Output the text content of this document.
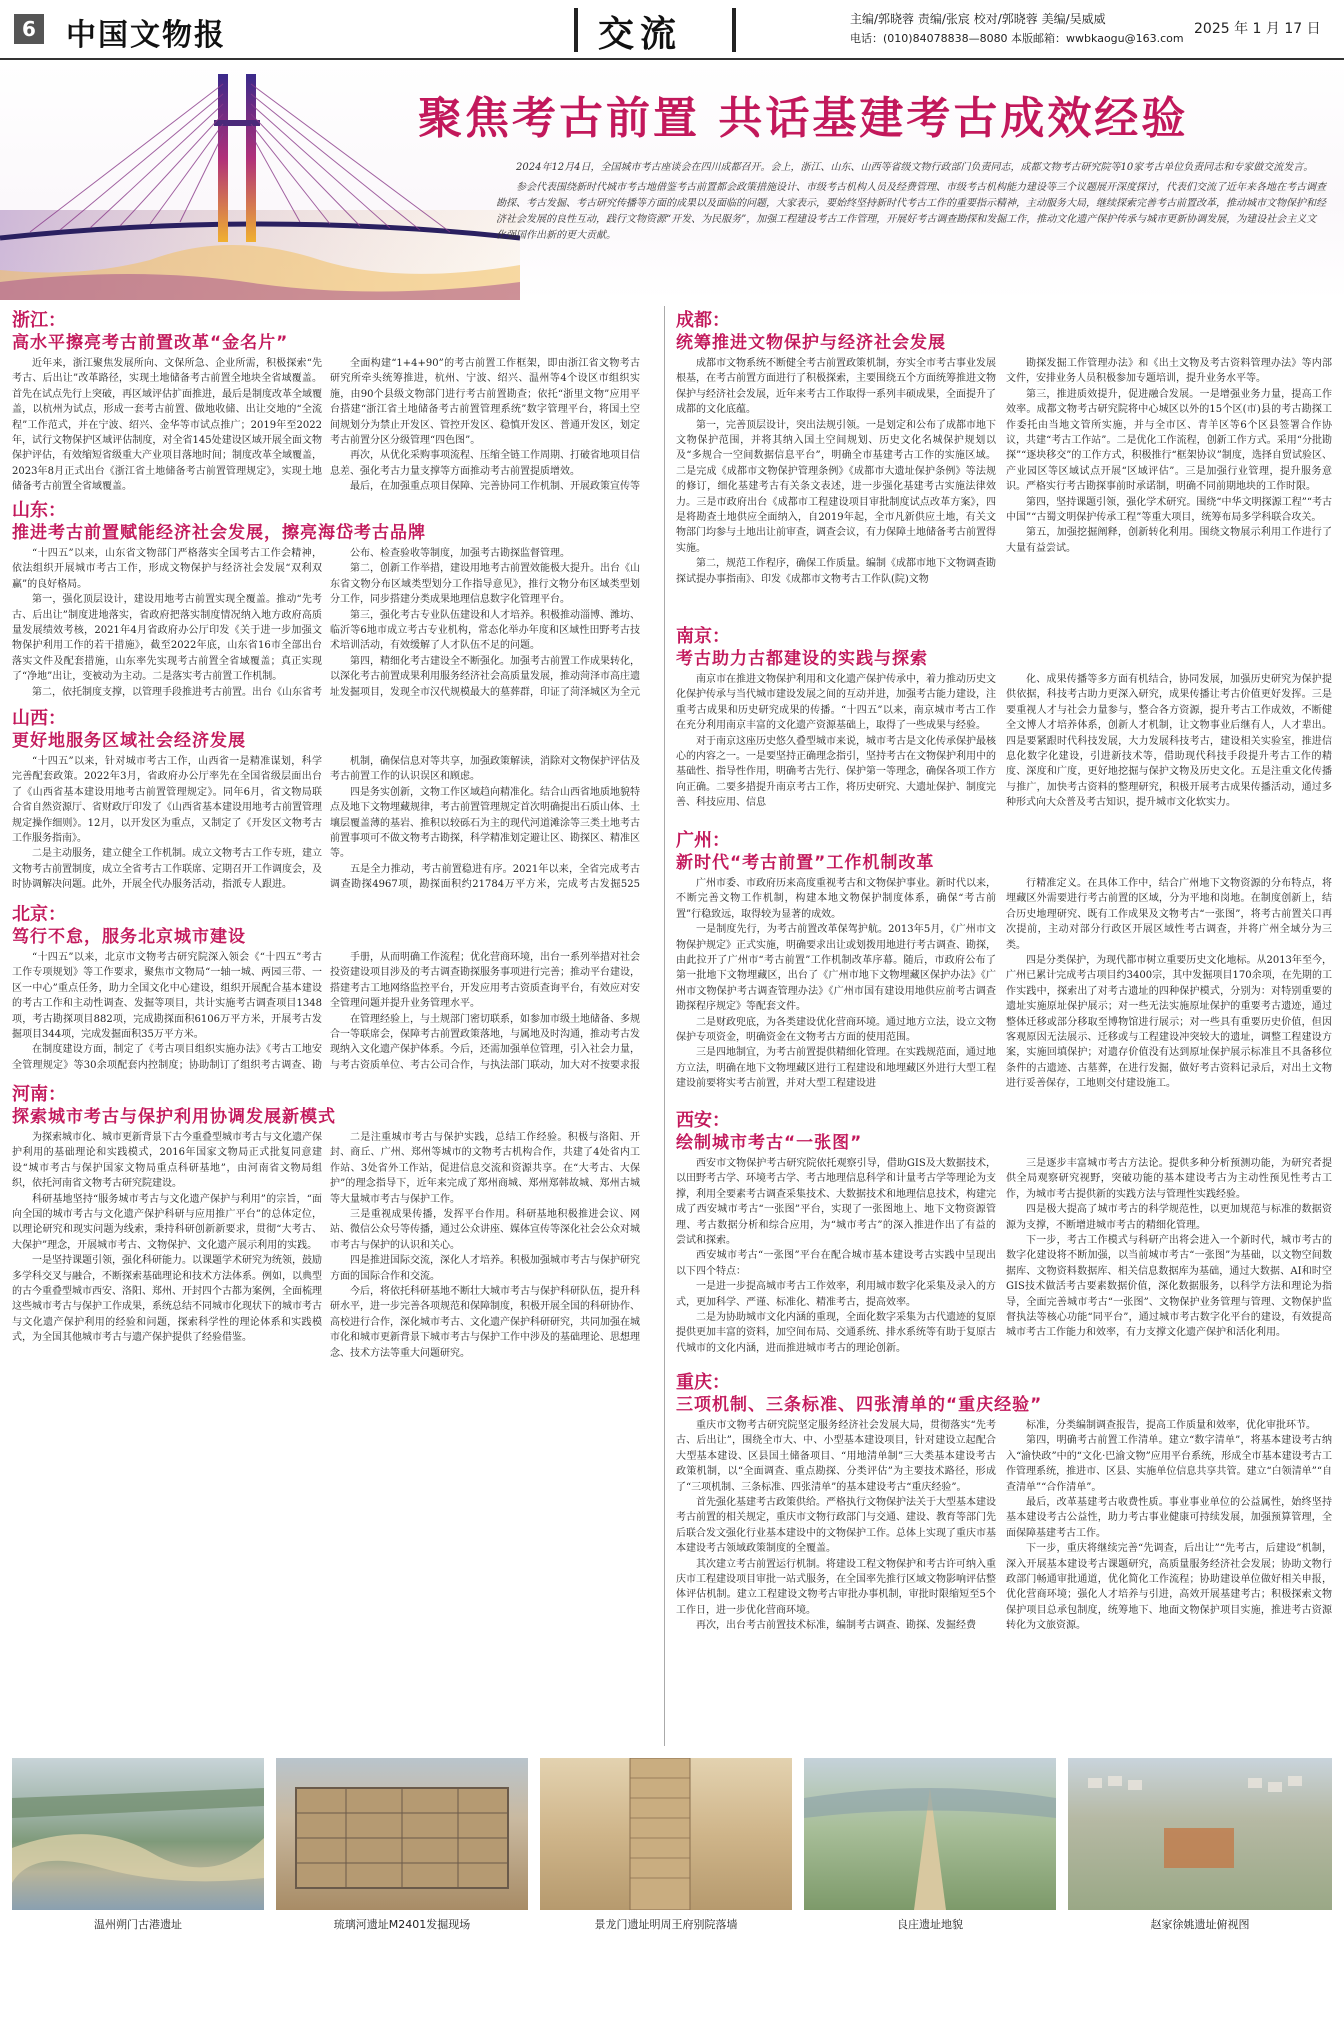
6 中国文物报	交流	主编/郭晓蓉 责编/张宸 校对/郭晓蓉 美编/吴威威
电话：(010)84078838—8080 本版邮箱：wwbkaogu@163.com
2025 年 1 月 17 日
聚焦考古前置 共话基建考古成效经验
2024年12月4日，全国城市考古座谈会在四川成都召开。会上，浙江、山东、山西等省级文物行政部门负责同志，成都文物考古研究院等10家考古单位负责同志和专家做交流发言。
参会代表围绕新时代城市考古地借鉴考古前置都会政策措施设计、市级考古机构人员及经费管理、市级考古机构能力建设等三个议题展开深度探讨，代表们交流了近年来各地在考古调查勘探、考古发掘、考古研究传播等方面的成果以及面临的问题，大家表示，要始终坚持新时代考古工作的重要指示精神，主动服务大局，继续探索完善考古前置改革，推动城市文物保护和经济社会发展的良性互动，践行文物资源“开发、为民服务”，加强工程建设考古工作管理，开展好考古调查勘探和发掘工作，推动文化遗产保护传承与城市更新协调发展，为建设社会主义文化强国作出新的更大贡献。
浙江：
高水平擦亮考古前置改革“金名片”

近年来，浙江聚焦发展所向、文保所急、企业所需，积极探索“先考古、后出让”改革路径，实现土地储备考古前置全地块全省域覆盖。首先在试点先行上突破，再区域评估扩面推进，最后是制度改革全域覆盖，以杭州为试点，形成一套考古前置、做地收储、出让交地的“全流程”工作范式，并在宁波、绍兴、金华等市试点推广；2019年至2022年，试行文物保护区域评估制度，对全省145处建设区域开展全面文物保护评估，有效缩短省级重大产业项目落地时间；制度改革全域覆盖，2023年8月正式出台《浙江省土地储备考古前置管理规定》，实现土地储备考古前置全省域覆盖。

全面构建“1+4+90”的考古前置工作框架，即由浙江省文物考古研究所牵头统筹推进，杭州、宁波、绍兴、温州等4个设区市组织实施，由90个县级文物部门进行考古前置勘查；依托“浙里文物”应用平台搭建“浙江省土地储备考古前置管理系统”数字管理平台，将国土空间规划分为禁止开发区、管控开发区、稳慎开发区、普通开发区，划定考古前置分区分级管理“四色图”。

再次，从优化采购事项流程、压缩全链工作周期、打破省地项目信息差、强化考古力量支撑等方面推动考古前置提质增效。

最后，在加强重点项目保障、完善协同工作机制、开展政策宣传等

山东：
推进考古前置赋能经济社会发展，擦亮海岱考古品牌

“十四五”以来，山东省文物部门严格落实全国考古工作会精神，依法组织开展城市考古工作，形成文物保护与经济社会发展“双利双赢”的良好格局。

第一，强化顶层设计，建设用地考古前置实现全覆盖。推动“先考古、后出让”制度进地落实，省政府把落实制度情况纳入地方政府高质量发展绩效考核，2021年4月省政府办公厅印发《关于进一步加强文物保护利用工作的若干措施》，截至2022年底，山东省16市全部出台落实文件及配套措施，山东率先实现考古前置全省域覆盖；真正实现了“净地”出让，变被动为主动。二是落实考古前置工作机制。

第二，依托制度支撑，以管理手段推进考古前置。出台《山东省考

公布、检查验收等制度，加强考古勘探监督管理。

第二，创新工作举措，建设用地考古前置效能极大提升。出台《山东省文物分布区域类型划分工作指导意见》，推行文物分布区域类型划分工作，同步搭建分类成果地理信息数字化管理平台。

第三，强化考古专业队伍建设和人才培养。积极推动淄博、潍坊、临沂等6地市成立考古专业机构，常态化举办年度和区域性田野考古技术培训活动，有效缓解了人才队伍不足的问题。

第四，精细化考古建设全不断强化。加强考古前置工作成果转化，以深化考古前置成果利用服务经济社会高质量发展，推动菏泽市高庄遗址发掘项目，发现全市汉代规模最大的墓葬群，印证了菏泽城区为全元

山西：
更好地服务区域社会经济发展

“十四五”以来，针对城市考古工作，山西省一是精准谋划，科学完善配套政策。2022年3月，省政府办公厅率先在全国省级层面出台了《山西省基本建设用地考古前置管理规定》。同年6月，省文物局联合省自然资源厅、省财政厅印发了《山西省基本建设用地考古前置管理规定操作细则》。12月，以开发区为重点，又制定了《开发区文物考古工作服务指南》。

二是主动服务，建立健全工作机制。成立文物考古工作专班，建立文物考古前置制度，成立全省考古工作联席、定期召开工作调度会，及时协调解决问题。此外，开展全代办服务活动，指派专人跟进。

机制，确保信息对等共享，加强政策解读，消除对文物保护评估及考古前置工作的认识误区和顾虑。

四是务实创新，文物工作区域趋向精准化。结合山西省地质地貌特点及地下文物埋藏规律，考古前置管理规定首次明确提出石质山体、土壤层覆盖薄的基岩、推积以较砾石为主的现代河道滩涂等三类土地考古前置事项可不做文物考古勘探，科学精准划定避让区、勘探区、精准区等。

五是全力推动，考古前置稳进有序。2021年以来，全省完成考古调查勘探4967项，勘探面积约21784万平方米，完成考古发掘525

北京：
笃行不怠，服务北京城市建设

“十四五”以来，北京市文物考古研究院深入领会《“十四五”考古工作专项规划》等工作要求，聚焦市文物局“一轴一城、两园三带、一区一中心”重点任务，助力全国文化中心建设，组织开展配合基本建设的考古工作和主动性调查、发掘等项目，共计实施考古调查项目1348项，考古勘探项目882项，完成勘探面积6106万平方米，开展考古发掘项目344项，完成发掘面积35万平方米。

在制度建设方面，制定了《考古项目组织实施办法》《考古工地安全管理规定》等30余项配套内控制度；协助制订了组织考古调查、勘

手册，从而明确工作流程；优化营商环境，出台一系列举措对社会投资建设项目涉及的考古调查勘探服务事项进行完善；推动平台建设，搭建考古工地网络监控平台，开发应用考古资质查询平台，有效应对安全管理问题并提升业务管理水平。

在管理经验上，与土规部门密切联系，如参加市级土地储备、多规合一等联席会，保障考古前置政策落地，与属地及时沟通，推动考古发现纳入文化遗产保护体系。今后，还需加强单位管理，引入社会力量，与考古资质单位、考古公司合作，与执法部门联动，加大对不按要求报

河南：
探索城市考古与保护利用协调发展新模式

为探索城市化、城市更新背景下古今重叠型城市考古与文化遗产保护利用的基础理论和实践模式，2016年国家文物局正式批复同意建设“城市考古与保护国家文物局重点科研基地”，由河南省文物局组织，依托河南省文物考古研究院建设。

科研基地坚持“服务城市考古与文化遗产保护与利用”的宗旨，“面向全国的城市考古与文化遗产保护科研与应用推广平台”的总体定位，以理论研究和现实问题为线索，秉持科研创新新要求，贯彻“大考古、大保护”理念，开展城市考古、文物保护、文化遗产展示利用的实践。

一是坚持课题引领，强化科研能力。以课题学术研究为统领，鼓励多学科交叉与融合，不断探索基础理论和技术方法体系。例如，以典型的古今重叠型城市西安、洛阳、郑州、开封四个古都为案例，全面梳理这些城市考古与保护工作成果，系统总结不同城市化现状下的城市考古与文化遗产保护利用的经验和问题，探索科学性的理论体系和实践模式，为全国其他城市考古与遗产保护提供了经验借鉴。

二是注重城市考古与保护实践，总结工作经验。积极与洛阳、开封、商丘、广州、郑州等城市的文物考古机构合作，共建了4处省内工作站、3处省外工作站，促进信息交流和资源共享。在“大考古、大保护”的理念指导下，近年来完成了郑州商城、郑州郑韩故城、郑州古城等大量城市考古与保护工作。

三是重视成果传播，发挥平台作用。科研基地积极推进会议、网站、微信公众号等传播，通过公众讲座、媒体宣传等深化社会公众对城市考古与保护的认识和关心。

四是推进国际交流，深化人才培养。积极加强城市考古与保护研究方面的国际合作和交流。

今后，将依托科研基地不断壮大城市考古与保护科研队伍，提升科研水平，进一步完善各项规范和保障制度，积极开展全国的科研协作、高校进行合作，深化城市考古、文化遗产保护科研研究，共同加强在城市化和城市更新背景下城市考古与保护工作中涉及的基础理论、思想理念、技术方法等重大问题研究。

成都：
统筹推进文物保护与经济社会发展

成都市文物系统不断健全考古前置政策机制，夯实全市考古事业发展根基，在考古前置方面进行了积极探索，主要围绕五个方面统筹推进文物保护与经济社会发展，近年来考古工作取得一系列丰硕成果，全面提升了成都的文化底蕴。

第一，完善顶层设计，突出法规引领。一是划定和公布了成都市地下文物保护范围，并将其纳入国土空间规划、历史文化名城保护规划以及“多规合一空间数据信息平台”，明确全市基建考古工作的实施区域。二是完成《成都市文物保护管理条例》《成都市大遗址保护条例》等法规的修订，细化基建考古有关条文表述，进一步强化基建考古实施法律效力。三是市政府出台《成都市工程建设项目审批制度试点改革方案》，四是将勘查土地供应全面纳入，自2019年起，全市凡新供应土地，有关文物部门均参与土地出让前审查，调查会议，有力保障土地储备考古前置得实施。

第二，规范工作程序，确保工作质量。编制《成都市地下文物调查勘探试提办事指南》、印发《成都市文物考古工作队(院)文物

勘探发掘工作管理办法》和《出土文物及考古资料管理办法》等内部文件，安排业务人员积极参加专题培训，提升业务水平等。

第三，推进质效提升，促进融合发展。一是增强业务力量，提高工作效率。成都文物考古研究院将中心城区以外的15个区(市)县的考古勘探工作委托由当地文管所实施，并与全市区、青羊区等6个区县签署合作协议，共建“考古工作站”。二是优化工作流程，创新工作方式。采用“分批勘探”“逐块移交”的工作方式，积极推行“框架协议”制度，选择自贸试验区、产业园区等区域试点开展“区域评估”。三是加强行业管理，提升服务意识。严格实行考古勘探事前时承诺制，明确不同前期地块的工作时限。

第四，坚持课题引领，强化学术研究。围绕“中华文明探源工程”“考古中国”“古蜀文明保护传承工程”等重大项目，统筹布局多学科联合攻关。

第五，加强挖掘阐释，创新转化利用。围绕文物展示利用工作进行了大量有益尝试。

南京：
考古助力古都建设的实践与探索

南京市在推进文物保护利用和文化遗产保护传承中，着力推动历史文化保护传承与当代城市建设发展之间的互动并进，加强考古能力建设，注重考古成果和历史研究成果的传播。“十四五”以来，南京城市考古工作在充分利用南京丰富的文化遗产资源基础上，取得了一些成果与经验。

对于南京这座历史悠久叠型城市来说，城市考古是文化传承保护最核心的内容之一。一是要坚持正确理念指引，坚持考古在文物保护利用中的基础性、指导性作用，明确考古先行、保护第一等理念，确保各项工作方向正确。二要多措提升南京考古工作，将历史研究、大遗址保护、制度完善、科技应用、信息

化、成果传播等多方面有机结合，协同发展，加强历史研究为保护提供依据，科技考古助力更深入研究，成果传播让考古价值更好发挥。三是要重视人才与社会力量参与，整合各方资源，提升考古工作成效，不断健全文博人才培养体系，创新人才机制，让文物事业后继有人，人才辈出。四是要紧跟时代科技发展，大力发展科技考古，建设相关实验室，推进信息化数字化建设，引进新技术等，借助现代科技手段提升考古工作的精度、深度和广度，更好地挖掘与保护文物及历史文化。五是注重文化传播与推广，加快考古资料的整理研究，积极开展考古成果传播活动，通过多种形式向大众普及考古知识，提升城市文化软实力。

广州：
新时代“考古前置”工作机制改革

广州市委、市政府历来高度重视考古和文物保护事业。新时代以来，不断完善文物工作机制，构建本地文物保护制度体系，确保“考古前置”行稳致远，取得较为显著的成效。

一是制度先行，为考古前置改革保驾护航。2013年5月，《广州市文物保护规定》正式实施，明确要求出让或划拨用地进行考古调查、勘探，由此拉开了广州市“考古前置”工作机制改革序幕。随后，市政府公布了第一批地下文物埋藏区，出台了《广州市地下文物埋藏区保护办法》《广州市文物保护考古调查管理办法》《广州市国有建设用地供应前考古调查勘探程序规定》等配套文件。

二是财政兜底，为各类建设优化营商环境。通过地方立法，设立文物保护专项资金，明确资金在文物考古方面的使用范围。

三是四地制宜，为考古前置提供精细化管理。在实践规范面，通过地方立法，明确在地下文物埋藏区进行工程建设和地埋藏区外进行大型工程建设前要将实考古前置，并对大型工程建设进

行精准定义。在具体工作中，结合广州地下文物资源的分布特点，将埋藏区外需要进行考古前置的区域，分为平地和岗地。在制度创新上，结合历史地理研究、既有工作成果及文物考古“一张图”，将考古前置关口再次提前，主动对部分行政区开展区域性考古调查，并将广州全域分为三类。

四是分类保护，为现代都市树立重要历史文化地标。从2013年至今，广州已累计完成考古项目约3400宗，其中发掘项目170余项，在先期的工作实践中，探索出了对考古遗址的四种保护模式，分别为：对特别重要的遗址实施原址保护展示；对一些无法实施原址保护的重要考古遗迹，通过整体迁移或部分移取至博物馆进行展示；对一些具有重要历史价值，但因客观原因无法展示、迁移或与工程建设冲突较大的遗址，调整工程建设方案，实施回填保护；对遗存价值没有达到原址保护展示标准且不具备移位条件的古遗迹、古墓葬，在进行发掘，做好考古资料记录后，对出土文物进行妥善保存，工地则交付建设施工。

西安：
绘制城市考古“一张图”

西安市文物保护考古研究院依托观察引导，借助GIS及大数据技术，以田野考古学、环境考古学、考古地理信息科学和计量考古学等理论为支撑，利用全要素考古调查采集技术、大数据技术和地理信息技术，构建完成了西安城市考古“一张图”平台，实现了一张图地上、地下文物资源管理、考古数据分析和综合应用，为“城市考古”的深入推进作出了有益的尝试和探索。

西安城市考古“一张图”平台在配合城市基本建设考古实践中呈现出以下四个特点：

一是进一步提高城市考古工作效率，利用城市数字化采集及录入的方式，更加科学、严谨、标准化、精准考古，提高效率。

二是为协助城市文化内涵的重现，全面化数字采集为古代遗迹的复原提供更加丰富的资料，加空间布局、交通系统、排水系统等有助于复原古代城市的文化内涵，进而推进城市考古的理论创新。

三是逐步丰富城市考古方法论。提供多种分析预测功能，为研究者提供全局观察研究视野，突破功能的基本建设考古为主动性预见性考古工作，为城市考古提供新的实践方法与管理性实践经验。

四是极大提高了城市考古的科学规范性，以更加规范与标准的数据资源为支撑，不断增进城市考古的精细化管理。

下一步，考古工作模式与科研产出将会进入一个新时代，城市考古的数字化建设将不断加强，以当前城市考古“一张图”为基础，以文物空间数据库、文物资料数据库、相关信息数据库为基础，通过大数据、AI和时空GIS技术做活考古要素数据价值，深化数据服务，以科学方法和理论为指导，全面完善城市考古“一张图”、文物保护业务管理与管理、文物保护监督执法等核心功能“同平台”，通过城市考古数字化平台的建设，有效提高城市考古工作能力和效率，有力支撑文化遗产保护和活化利用。

重庆：
三项机制、三条标准、四张清单的“重庆经验”

重庆市文物考古研究院坚定服务经济社会发展大局，贯彻落实“先考古、后出让”，围绕全市大、中、小型基本建设项目，针对建设立起配合大型基本建设、区县国土储备项目、“用地清单制”三大类基本建设考古政策机制，以“全面调查、重点勘探、分类评估”为主要技术路径，形成了“三项机制、三条标准、四张清单”的基本建设考古“重庆经验”。

首先强化基建考古政策供给。严格执行文物保护法关于大型基本建设考古前置的相关规定，重庆市文物行政部门与交通、建设、教育等部门先后联合发文强化行业基本建设中的文物保护工作。总体上实现了重庆市基本建设考古领域政策制度的全覆盖。

其次建立考古前置运行机制。将建设工程文物保护和考古许可纳入重庆市工程建设项目审批一站式服务，在全国率先推行区域文物影响评估整体评估机制。建立工程建设文物考古审批办事机制，审批时限缩短至5个工作日，进一步优化营商环境。

再次，出台考古前置技术标准，编制考古调查、勘探、发掘经费

标准，分类编制调查报告，提高工作质量和效率，优化审批环节。

第四，明确考古前置工作清单。建立“数字清单”，将基本建设考古纳入“渝快政”中的“文化·巴渝文物”应用平台系统，形成全市基本建设考古工作管理系统，推进市、区县、实施单位信息共享共管。建立“白领清单”“自查清单”“合作清单”。

最后，改革基建考古收费性质。事业事业单位的公益属性，始终坚持基本建设考古公益性，助力考古事业健康可持续发展，加强预算管理，全面保障基建考古工作。

下一步，重庆将继续完善“先调查，后出让”“先考古，后建设”机制，深入开展基本建设考古课题研究，高质量服务经济社会发展；协助文物行政部门畅通审批通道，优化简化工作流程；协助建设单位做好相关申报，优化营商环境；强化人才培养与引进，高效开展基建考古；积极探索文物保护项目总承包制度，统筹地下、地面文物保护项目实施，推进考古资源转化为文旅资源。

温州朔门古港遗址	琉璃河遗址M2401发掘现场	景龙门遗址明周王府别院落墙	良庄遗址地貌	赵家徐姚遗址俯视图
